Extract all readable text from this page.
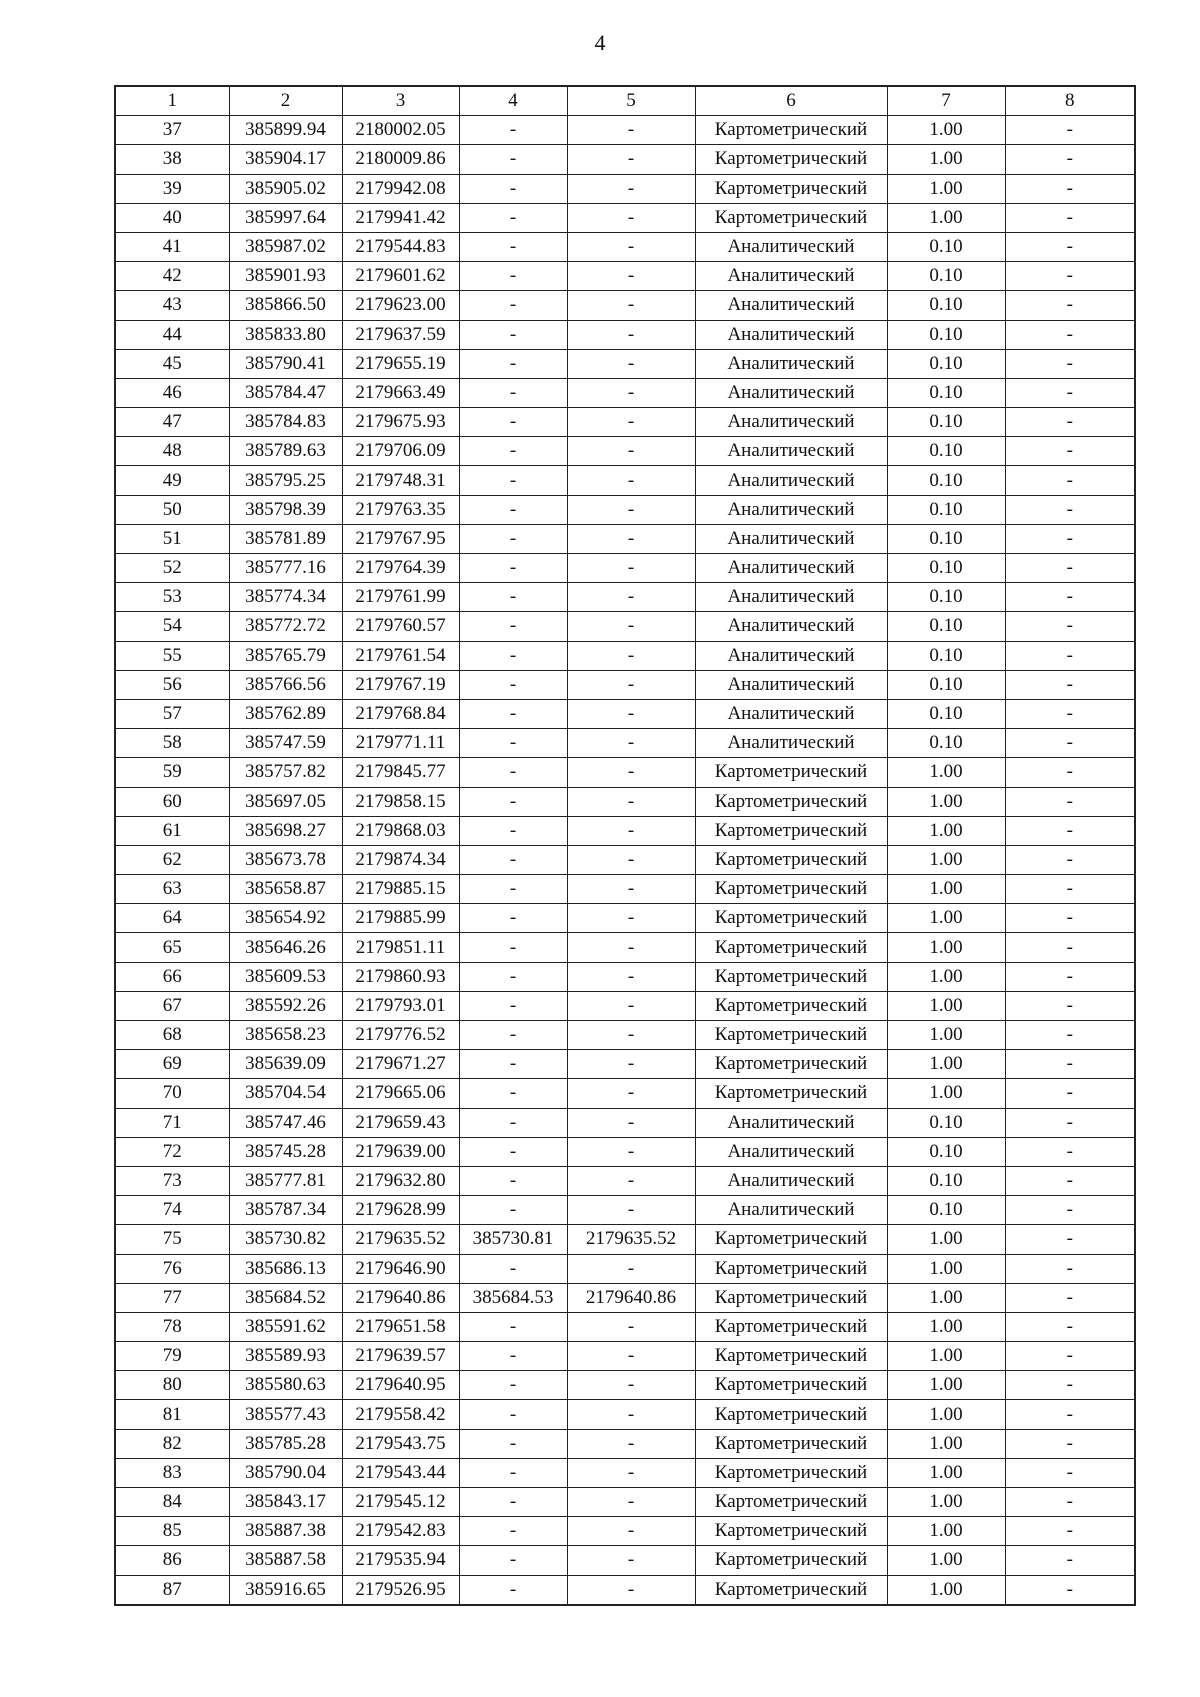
4
1	2	3	4	5	6	7	8
37	385899.94	2180002.05	-	-	Картометрический	1.00	-
38	385904.17	2180009.86	-	-	Картометрический	1.00	-
39	385905.02	2179942.08	-	-	Картометрический	1.00	-
40	385997.64	2179941.42	-	-	Картометрический	1.00	-
41	385987.02	2179544.83	-	-	Аналитический	0.10	-
42	385901.93	2179601.62	-	-	Аналитический	0.10	-
43	385866.50	2179623.00	-	-	Аналитический	0.10	-
44	385833.80	2179637.59	-	-	Аналитический	0.10	-
45	385790.41	2179655.19	-	-	Аналитический	0.10	-
46	385784.47	2179663.49	-	-	Аналитический	0.10	-
47	385784.83	2179675.93	-	-	Аналитический	0.10	-
48	385789.63	2179706.09	-	-	Аналитический	0.10	-
49	385795.25	2179748.31	-	-	Аналитический	0.10	-
50	385798.39	2179763.35	-	-	Аналитический	0.10	-
51	385781.89	2179767.95	-	-	Аналитический	0.10	-
52	385777.16	2179764.39	-	-	Аналитический	0.10	-
53	385774.34	2179761.99	-	-	Аналитический	0.10	-
54	385772.72	2179760.57	-	-	Аналитический	0.10	-
55	385765.79	2179761.54	-	-	Аналитический	0.10	-
56	385766.56	2179767.19	-	-	Аналитический	0.10	-
57	385762.89	2179768.84	-	-	Аналитический	0.10	-
58	385747.59	2179771.11	-	-	Аналитический	0.10	-
59	385757.82	2179845.77	-	-	Картометрический	1.00	-
60	385697.05	2179858.15	-	-	Картометрический	1.00	-
61	385698.27	2179868.03	-	-	Картометрический	1.00	-
62	385673.78	2179874.34	-	-	Картометрический	1.00	-
63	385658.87	2179885.15	-	-	Картометрический	1.00	-
64	385654.92	2179885.99	-	-	Картометрический	1.00	-
65	385646.26	2179851.11	-	-	Картометрический	1.00	-
66	385609.53	2179860.93	-	-	Картометрический	1.00	-
67	385592.26	2179793.01	-	-	Картометрический	1.00	-
68	385658.23	2179776.52	-	-	Картометрический	1.00	-
69	385639.09	2179671.27	-	-	Картометрический	1.00	-
70	385704.54	2179665.06	-	-	Картометрический	1.00	-
71	385747.46	2179659.43	-	-	Аналитический	0.10	-
72	385745.28	2179639.00	-	-	Аналитический	0.10	-
73	385777.81	2179632.80	-	-	Аналитический	0.10	-
74	385787.34	2179628.99	-	-	Аналитический	0.10	-
75	385730.82	2179635.52	385730.81	2179635.52	Картометрический	1.00	-
76	385686.13	2179646.90	-	-	Картометрический	1.00	-
77	385684.52	2179640.86	385684.53	2179640.86	Картометрический	1.00	-
78	385591.62	2179651.58	-	-	Картометрический	1.00	-
79	385589.93	2179639.57	-	-	Картометрический	1.00	-
80	385580.63	2179640.95	-	-	Картометрический	1.00	-
81	385577.43	2179558.42	-	-	Картометрический	1.00	-
82	385785.28	2179543.75	-	-	Картометрический	1.00	-
83	385790.04	2179543.44	-	-	Картометрический	1.00	-
84	385843.17	2179545.12	-	-	Картометрический	1.00	-
85	385887.38	2179542.83	-	-	Картометрический	1.00	-
86	385887.58	2179535.94	-	-	Картометрический	1.00	-
87	385916.65	2179526.95	-	-	Картометрический	1.00	-
